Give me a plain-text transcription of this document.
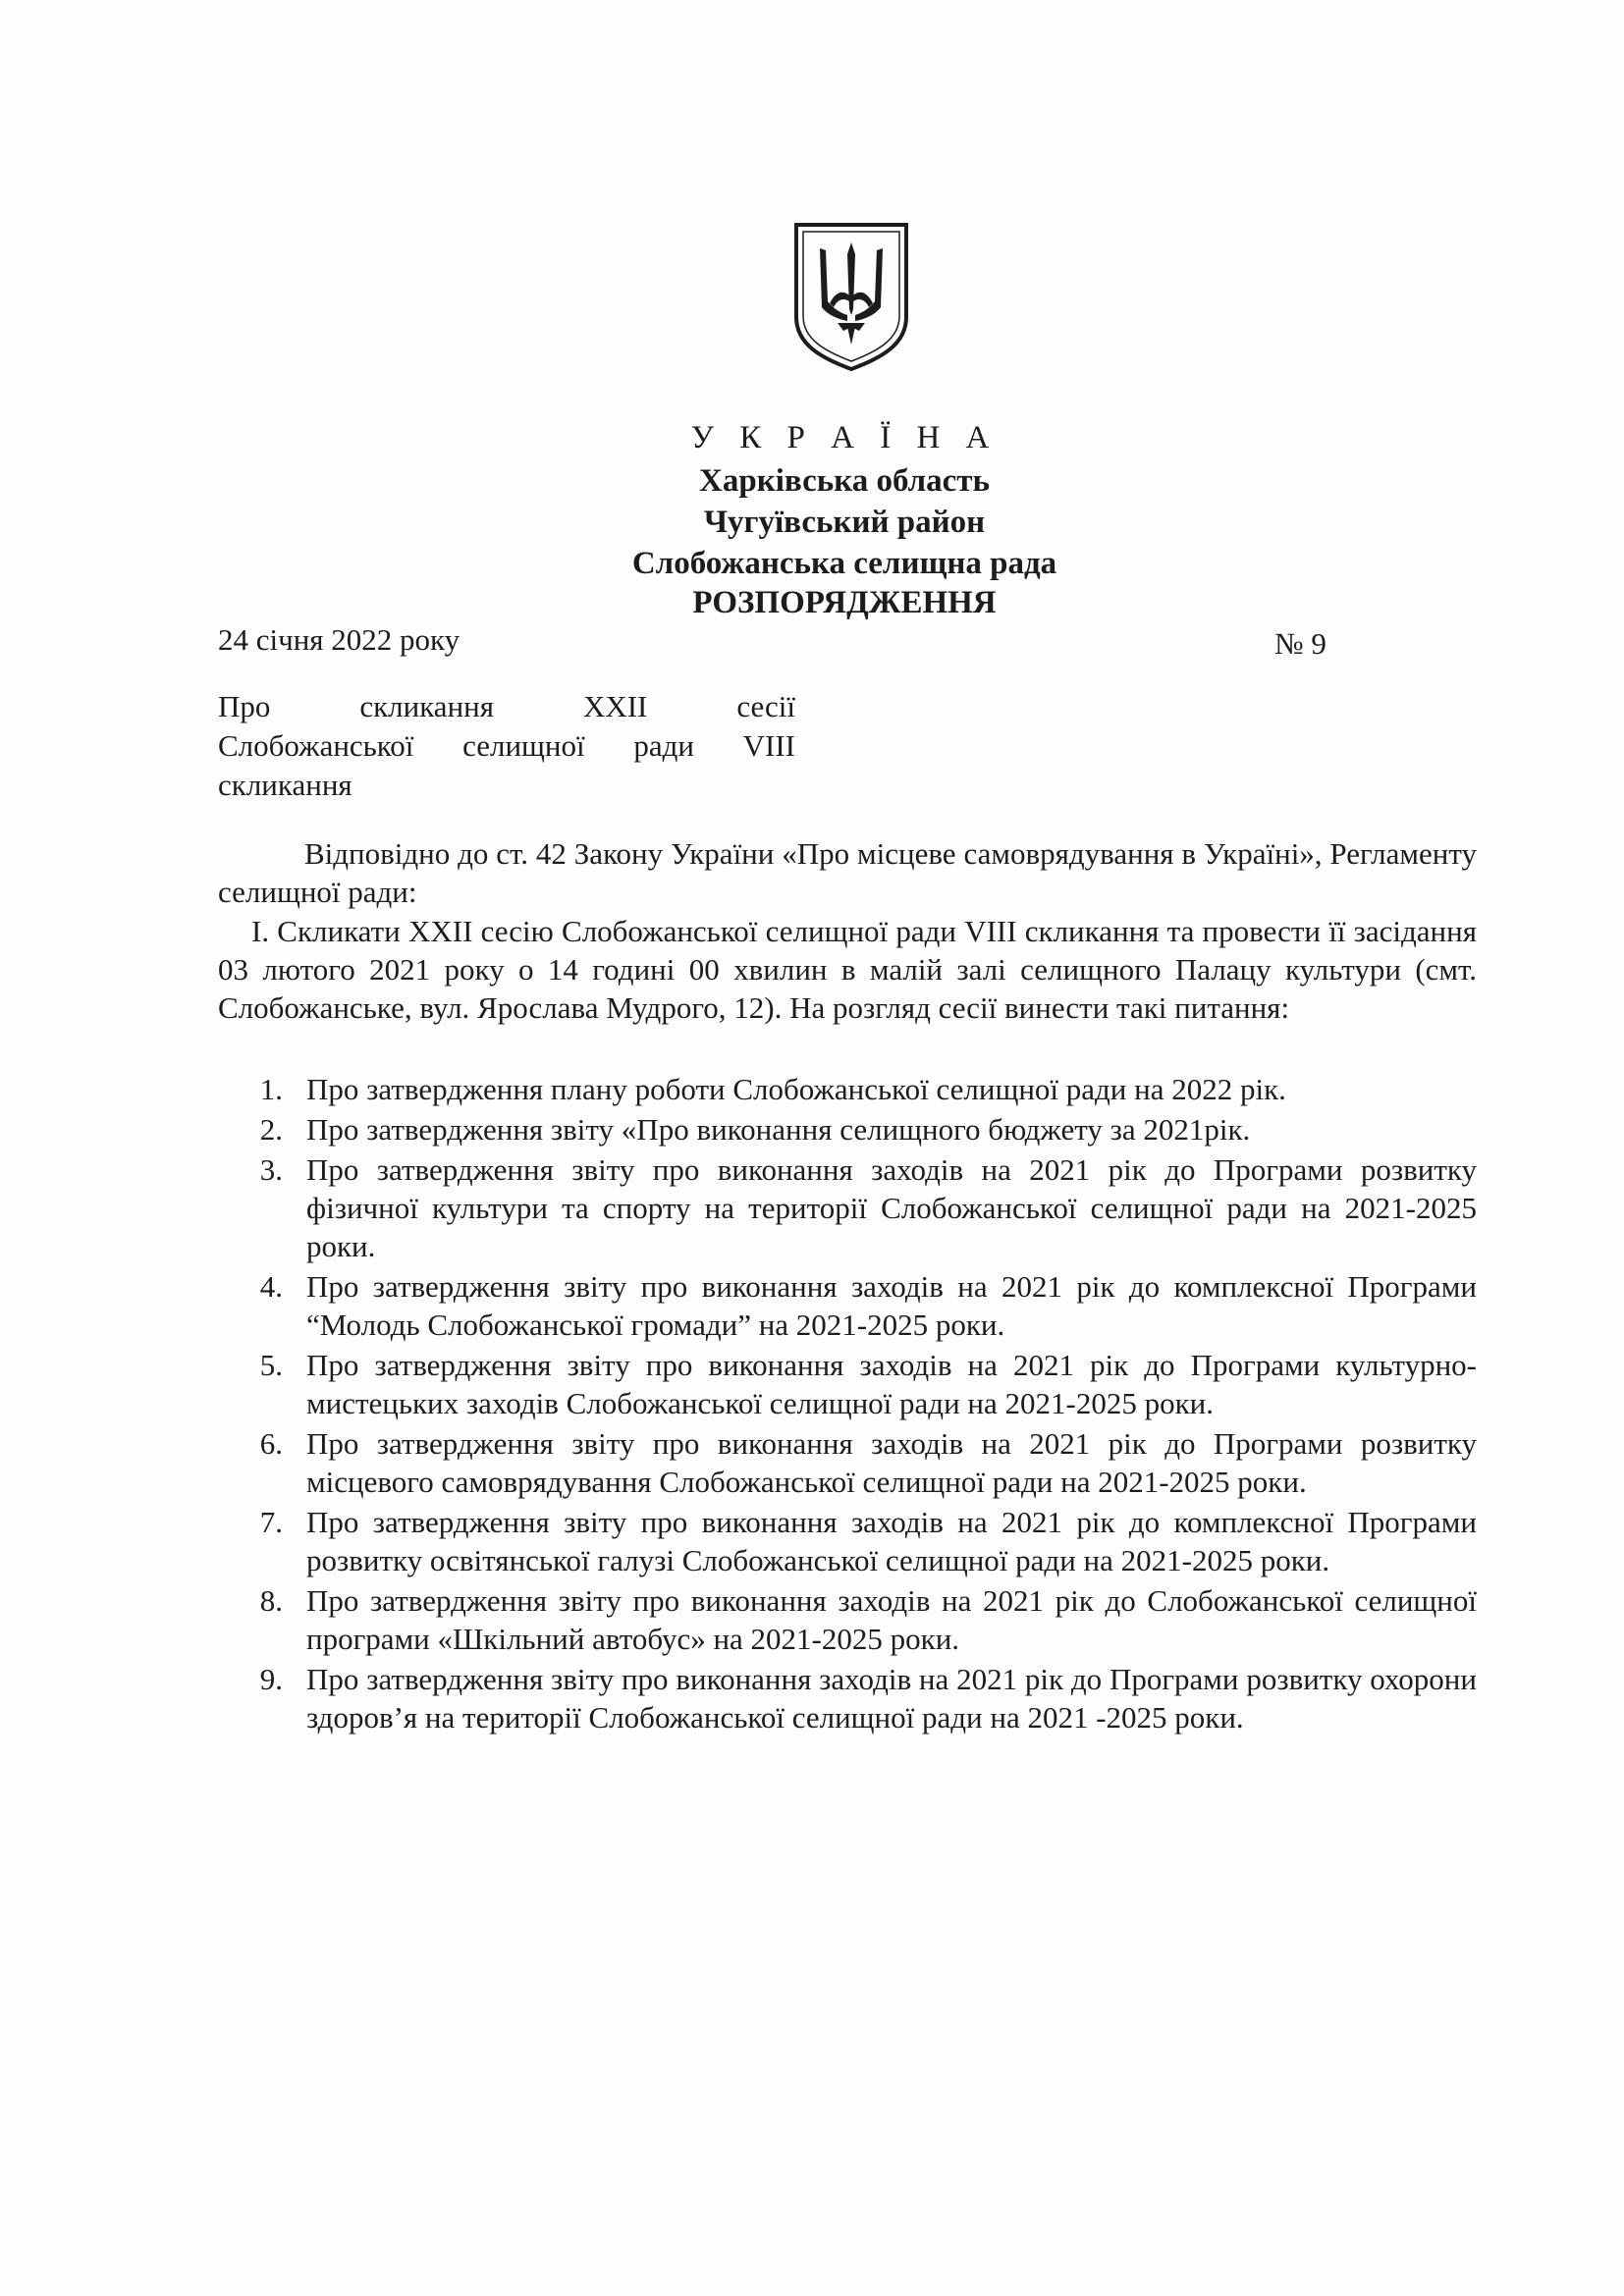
У К Р А Ї Н А
Харківська область
Чугуївський район
Слобожанська селищна рада
РОЗПОРЯДЖЕННЯ
24 січня 2022 року	№ 9
Про скликання XXII сесії
Слобожанської селищної ради VIII
скликання
Відповідно до ст. 42 Закону України «Про місцеве самоврядування в Україні», Регламенту селищної ради:
I. Скликати XXII сесію Слобожанської селищної ради VIII скликання та провести її засідання 03 лютого 2021 року о 14 годині 00 хвилин в малій залі селищного Палацу культури (смт. Слобожанське, вул. Ярослава Мудрого, 12). На розгляд сесії винести такі питання:
1. Про затвердження плану роботи Слобожанської селищної ради на 2022 рік.
2. Про затвердження звіту «Про виконання селищного бюджету за 2021рік.
3. Про затвердження звіту про виконання заходів на 2021 рік до Програми розвитку фізичної культури та спорту на території Слобожанської селищної ради на 2021-2025 роки.
4. Про затвердження звіту про виконання заходів на 2021 рік до комплексної Програми “Молодь Слобожанської громади” на 2021-2025 роки.
5. Про затвердження звіту про виконання заходів на 2021 рік до Програми культурно-мистецьких заходів Слобожанської селищної ради на 2021-2025 роки.
6. Про затвердження звіту про виконання заходів на 2021 рік до Програми розвитку місцевого самоврядування Слобожанської селищної ради на 2021-2025 роки.
7. Про затвердження звіту про виконання заходів на 2021 рік до комплексної Програми розвитку освітянської галузі Слобожанської селищної ради на 2021-2025 роки.
8. Про затвердження звіту про виконання заходів на 2021 рік до Слобожанської селищної програми «Шкільний автобус» на 2021-2025 роки.
9. Про затвердження звіту про виконання заходів на 2021 рік до Програми розвитку охорони здоров’я на території Слобожанської селищної ради на 2021 -2025 роки.
